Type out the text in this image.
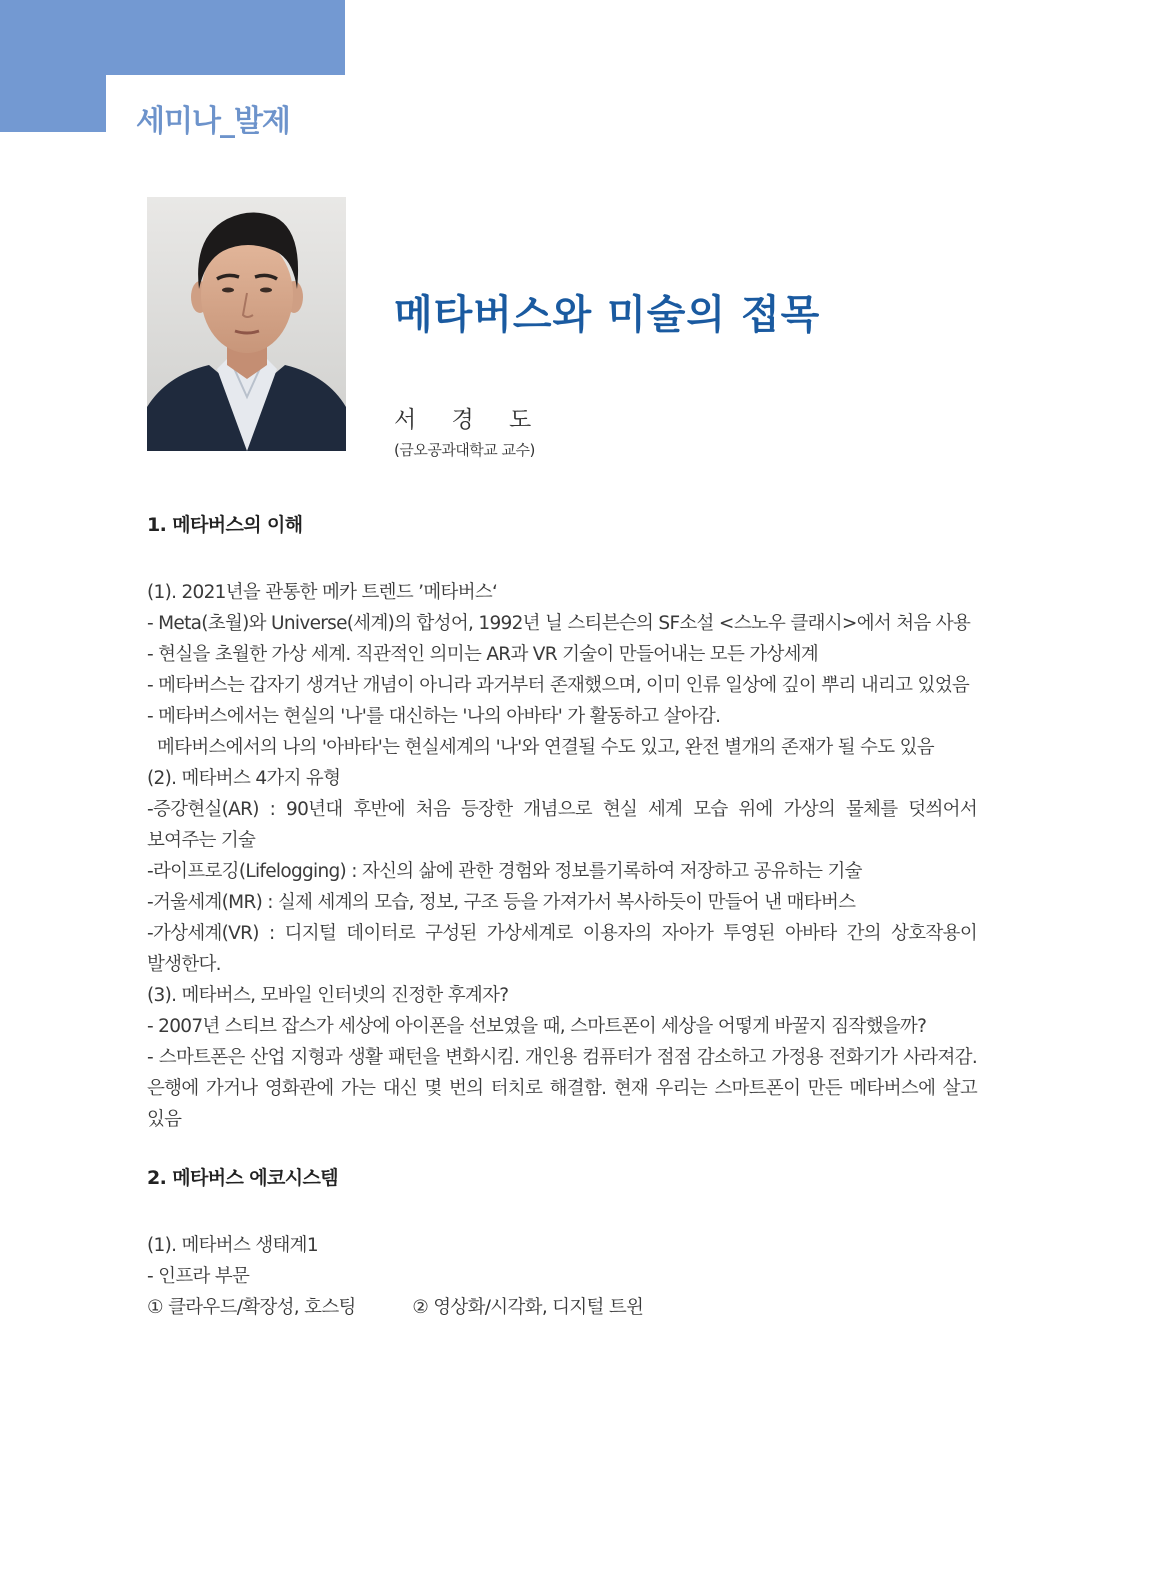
세미나_발제
메타버스와 미술의 접목
서 경 도
(금오공과대학교 교수)

1. 메타버스의 이해

(1). 2021년을 관통한 메카 트렌드 ’메타버스‘

- Meta(초월)와 Universe(세계)의 합성어, 1992년 닐 스티븐슨의 SF소설 <스노우 클래시>에서 처음 사용

- 현실을 초월한 가상 세계. 직관적인 의미는 AR과 VR 기술이 만들어내는 모든 가상세계

- 메타버스는 갑자기 생겨난 개념이 아니라 과거부터 존재했으며, 이미 인류 일상에 깊이 뿌리 내리고 있었음

- 메타버스에서는 현실의 '나'를 대신하는 '나의 아바타' 가 활동하고 살아감.

메타버스에서의 나의 '아바타'는 현실세계의 '나'와 연결될 수도 있고, 완전 별개의 존재가 될 수도 있음

(2). 메타버스 4가지 유형

-증강현실(AR) : 90년대 후반에 처음 등장한 개념으로 현실 세계 모습 위에 가상의 물체를 덧씌어서 보여주는 기술

-라이프로깅(Lifelogging) : 자신의 삶에 관한 경험와 정보를기록하여 저장하고 공유하는 기술

-거울세계(MR) : 실제 세계의 모습, 정보, 구조 등을 가져가서 복사하듯이 만들어 낸 매타버스

-가상세계(VR) : 디지털 데이터로 구성된 가상세계로 이용자의 자아가 투영된 아바타 간의 상호작용이 발생한다.

(3). 메타버스, 모바일 인터넷의 진정한 후계자?

- 2007년 스티브 잡스가 세상에 아이폰을 선보였을 때, 스마트폰이 세상을 어떻게 바꿀지 짐작했을까?

- 스마트폰은 산업 지형과 생활 패턴을 변화시킴. 개인용 컴퓨터가 점점 감소하고 가정용 전화기가 사라져감. 은행에 가거나 영화관에 가는 대신 몇 번의 터치로 해결함. 현재 우리는 스마트폰이 만든 메타버스에 살고 있음

2. 메타버스 에코시스템

(1). 메타버스 생태계1

- 인프라 부문

① 클라우드/확장성, 호스팅	② 영상화/시각화, 디지털 트윈
